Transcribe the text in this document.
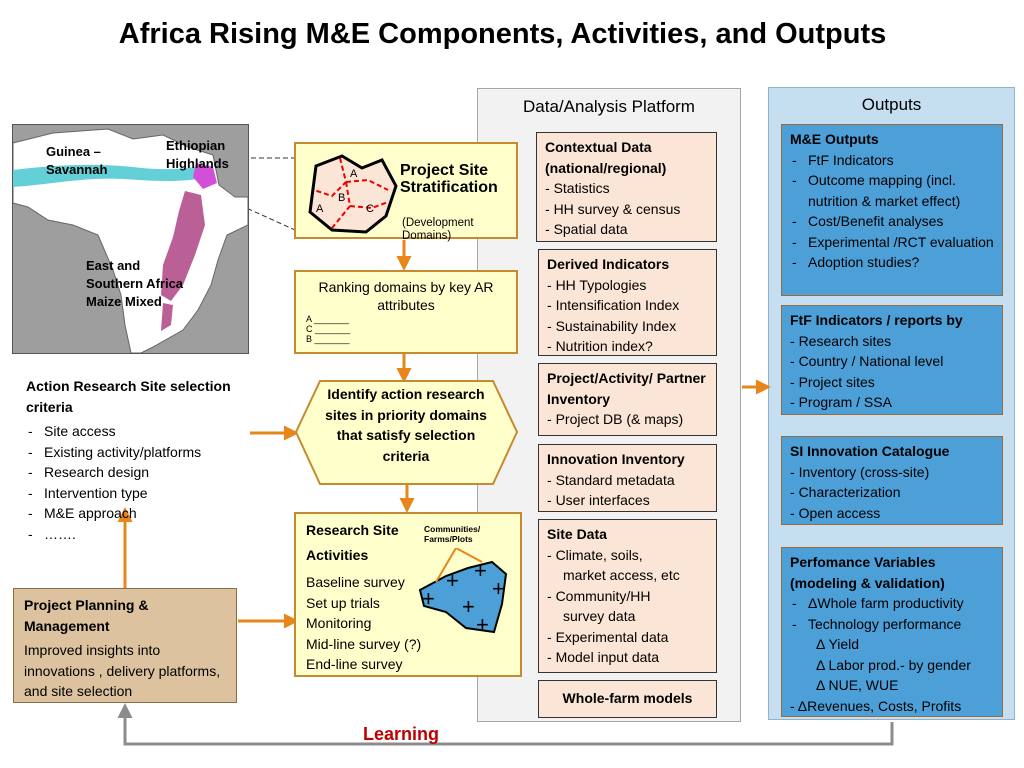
Africa Rising M&E Components, Activities, and Outputs
Data/Analysis Platform	Outputs
Guinea –
Savannah
Ethiopian
Highlands
East and
Southern Africa
Maize Mixed
A
B
C
A
Project Site Stratification
(Development Domains)
Ranking domains by key AR attributes
A _______
C _______
B _______
Identify action research sites in priority domains that satisfy selection criteria
Action Research Site selection criteria
- Site access
- Existing activity/platforms
- Research design
- Intervention type
- M&E approach
- …….
Project Planning & Management
Improved insights into innovations , delivery platforms, and site selection
Research Site Activities
Baseline survey
Set up trials
Monitoring
Mid-line survey (?)
End-line survey
Communities/ Farms/Plots
+ +
+
+ +
+
Contextual Data (national/regional)
- Statistics
- HH survey & census
- Spatial data
Derived Indicators
- HH Typologies
- Intensification Index
- Sustainability Index
- Nutrition index?
Project/Activity/ Partner Inventory
- Project DB (& maps)
Innovation Inventory
- Standard metadata
- User interfaces
Site Data
- Climate, soils,
market access, etc
- Community/HH
survey data
- Experimental data
- Model input data
Whole-farm models
M&E Outputs
- FtF Indicators
- Outcome mapping (incl. nutrition & market effect)
- Cost/Benefit analyses
- Experimental /RCT evaluation
- Adoption studies?
FtF Indicators / reports by
- Research sites
- Country / National level
- Project sites
- Program / SSA
SI Innovation Catalogue
- Inventory (cross-site)
- Characterization
- Open access
Perfomance Variables (modeling & validation)
- ΔWhole farm productivity
- Technology performance
Δ Yield
Δ Labor prod.- by gender
Δ NUE, WUE
- ΔRevenues, Costs, Profits
Learning
